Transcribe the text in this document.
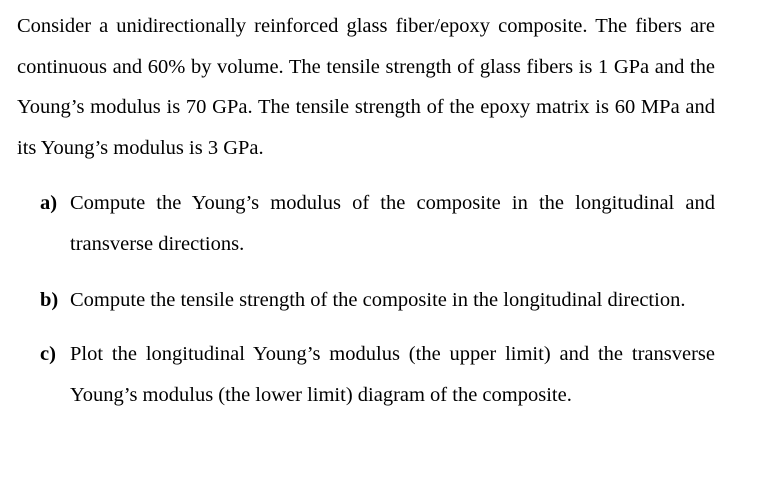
Consider a unidirectionally reinforced glass fiber/epoxy composite. The fibers are continuous and 60% by volume. The tensile strength of glass fibers is 1 GPa and the Young’s modulus is 70 GPa. The tensile strength of the epoxy matrix is 60 MPa and its Young’s modulus is 3 GPa.

a) Compute the Young’s modulus of the composite in the longitudinal and transverse directions.
b) Compute the tensile strength of the composite in the longitudinal direction.
c) Plot the longitudinal Young’s modulus (the upper limit) and the transverse Young’s modulus (the lower limit) diagram of the composite.
